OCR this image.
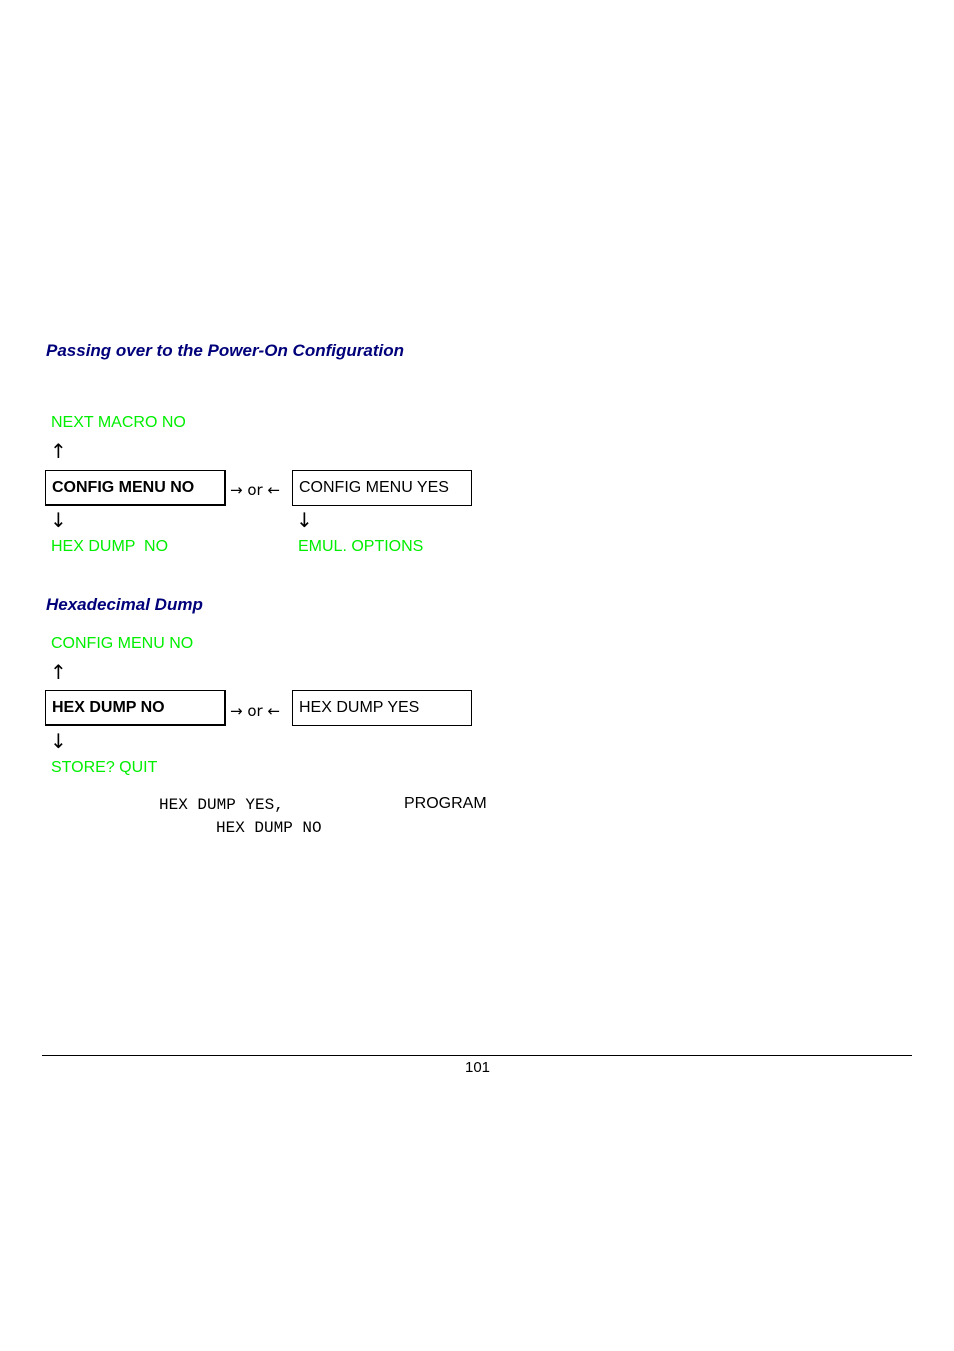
Passing over to the Power-On Configuration
NEXT MACRO NO
↑
CONFIG MENU NO → or ← CONFIG MENU YES
↓	↓
HEX DUMP  NO	EMUL. OPTIONS
Hexadecimal Dump
CONFIG MENU NO
↑
HEX DUMP NO	→ or ← HEX DUMP YES
↓
STORE? QUIT
HEX DUMP YES,	PROGRAM
HEX DUMP NO
101
